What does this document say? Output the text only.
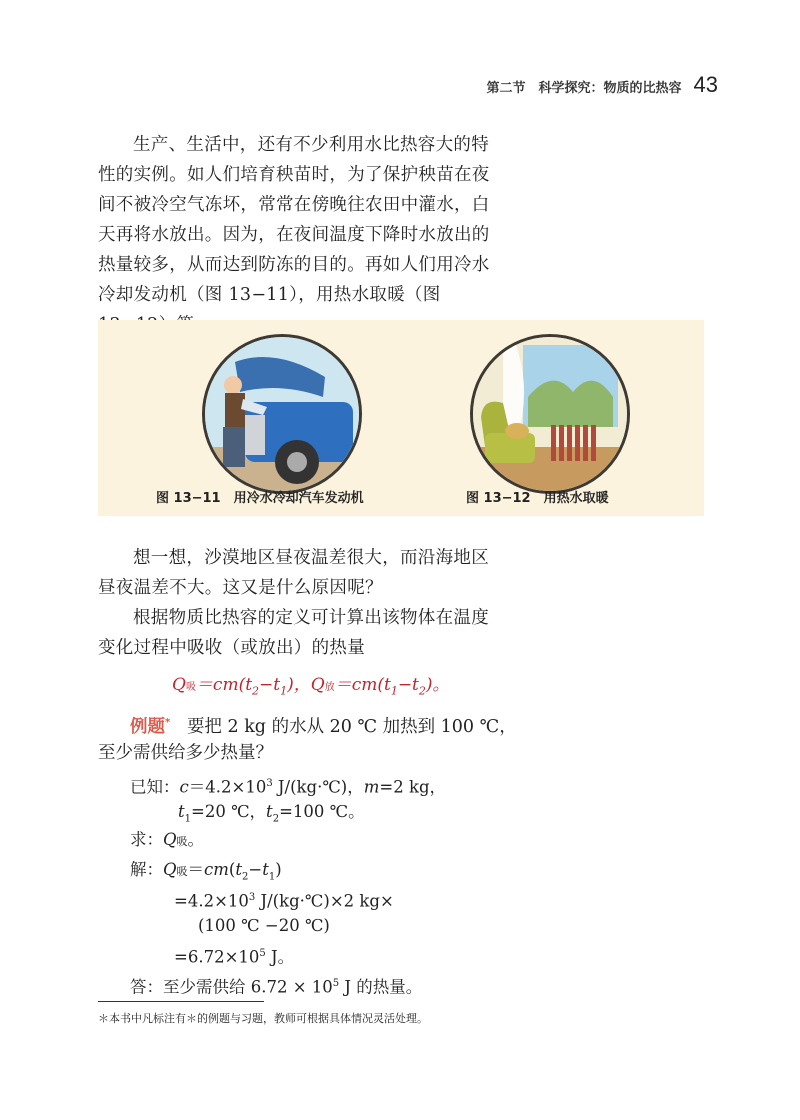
第二节　科学探究：物质的比热容 43

生产、生活中，还有不少利用水比热容大的特性的实例。如人们培育秧苗时，为了保护秧苗在夜间不被冷空气冻坏，常常在傍晚往农田中灌水，白天再将水放出。因为，在夜间温度下降时水放出的热量较多，从而达到防冻的目的。再如人们用冷水冷却发动机（图 13−11），用热水取暖（图

图 13−11　用冷水冷却汽车发动机	图 13−12　用热水取暖

想一想，沙漠地区昼夜温差很大，而沿海地区昼夜温差不大。这又是什么原因呢？
根据物质比热容的定义可计算出该物体在温度变化过程中吸收（或放出）的热量

Q吸$=cm(t_2-t_1)$，Q放$=cm(t_1-t_2)$。
例题* 要把 2 kg 的水从 20 ℃ 加热到 100 ℃，
至少需供给多少热量？
已知：$c=4.2\times 10^3$ J/(kg·℃)，m=2 kg，
$t_1=20$ ℃，$t_2=100$ ℃。
求：Q吸。
解：Q吸$=cm(t_2-t_1)$
$=4.2\times 10^3$ J/(kg·℃)×2 kg×
(100 ℃ −20 ℃)
$=6.72\times 10^5$ J。
答：至少需供给 $6.72 \times 10^5$ J 的热量。
＊本书中凡标注有＊的例题与习题，教师可根据具体情况灵活处理。
